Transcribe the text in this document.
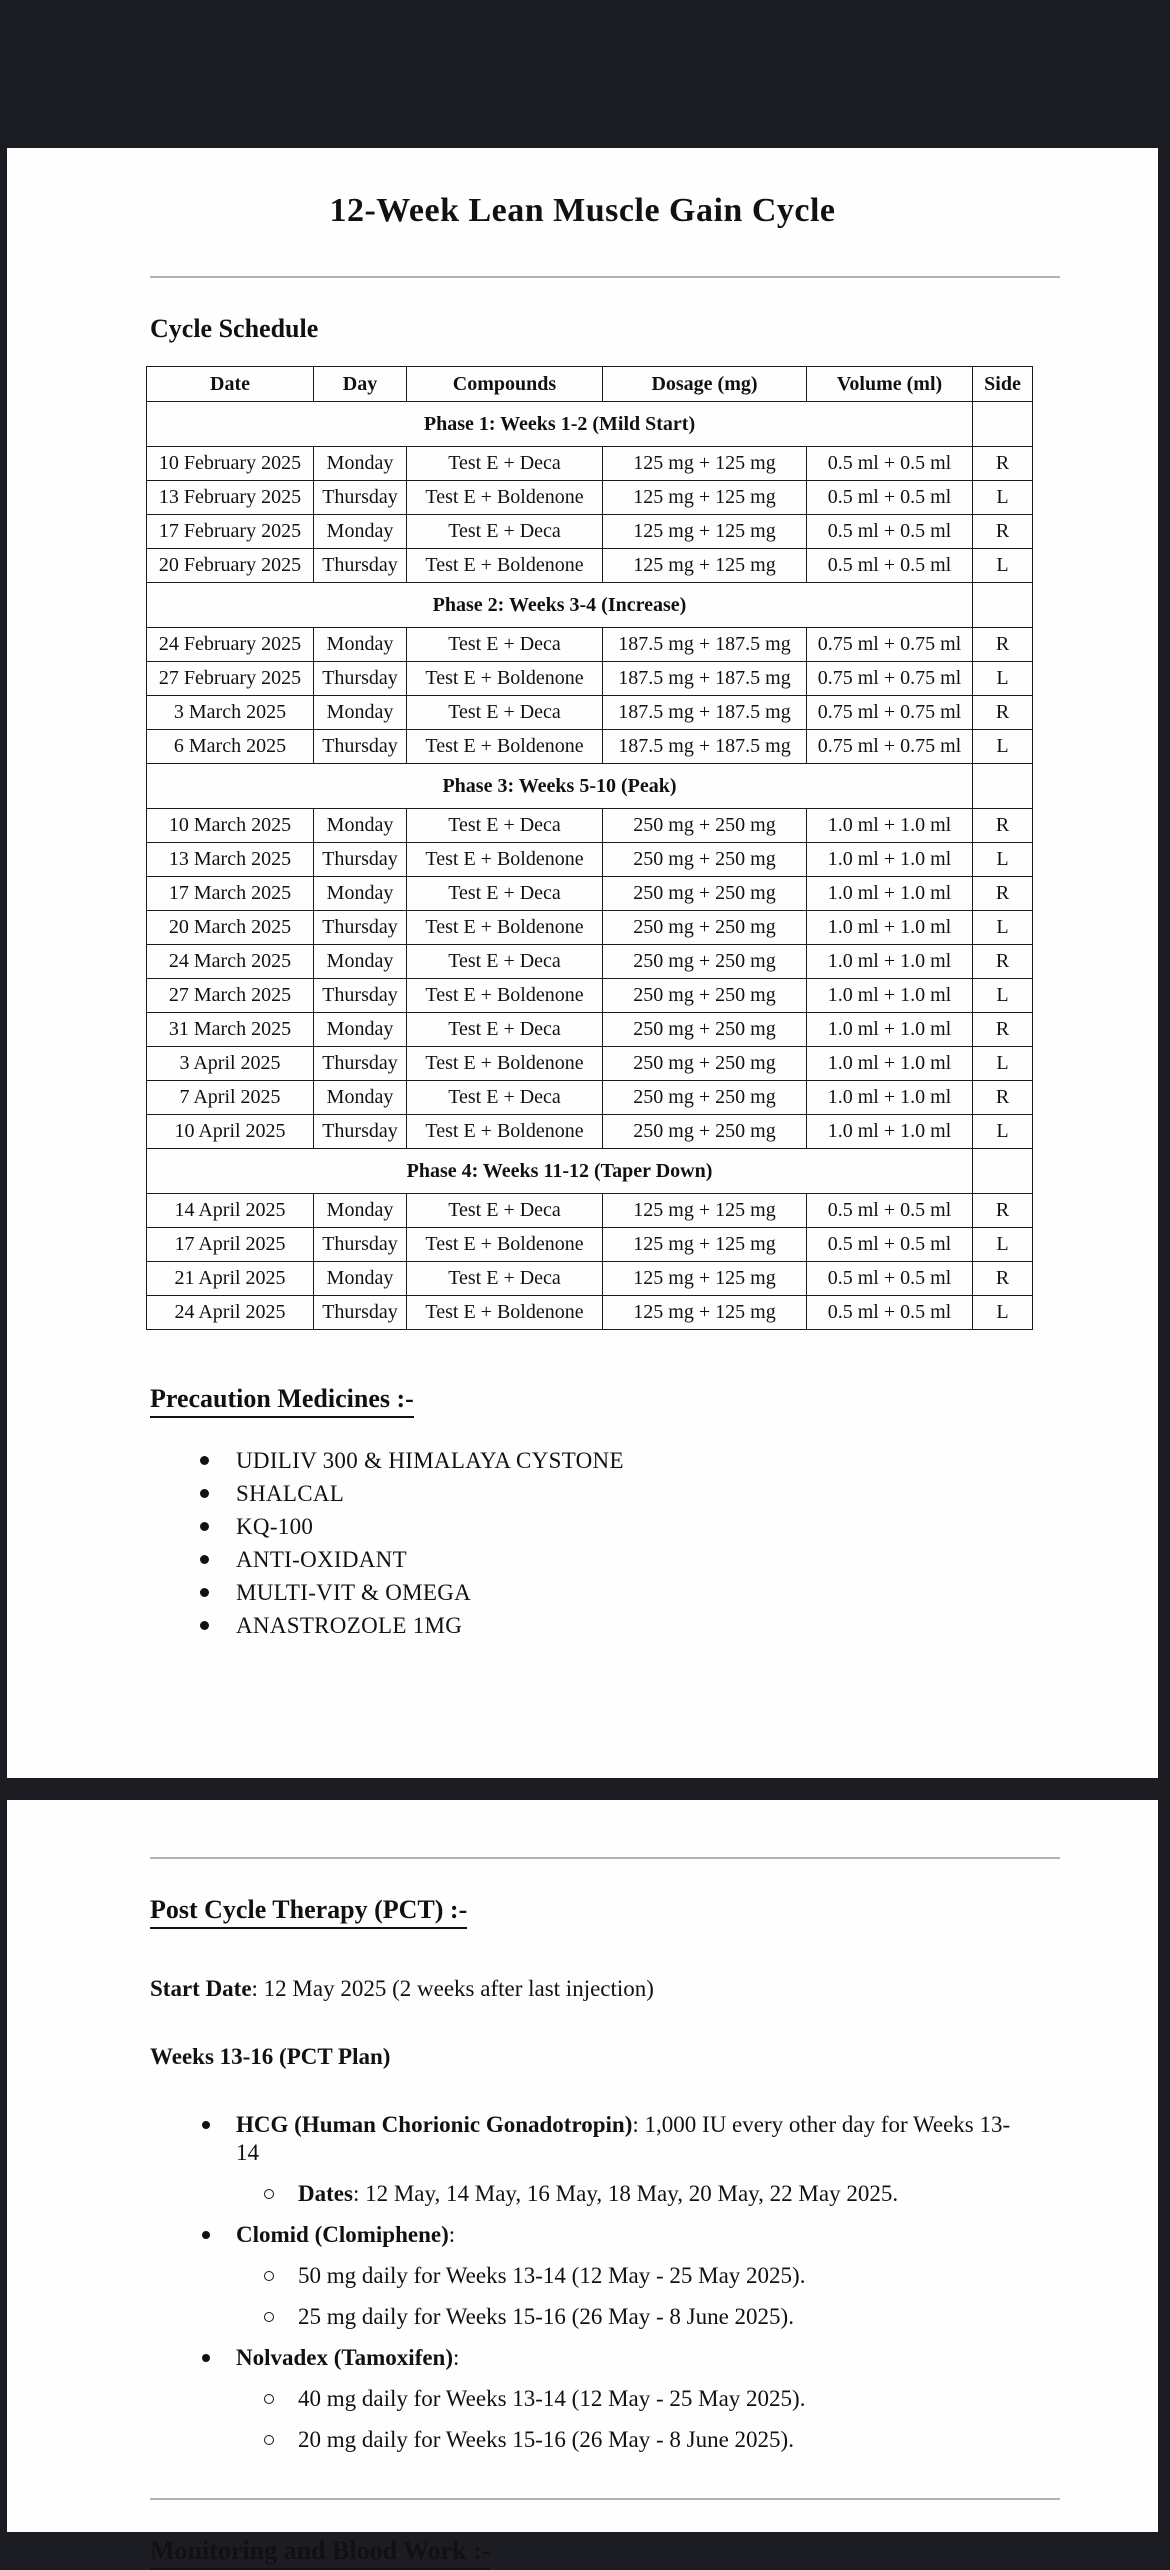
12-Week Lean Muscle Gain Cycle
Cycle Schedule
Date	Day	Compounds	Dosage (mg)	Volume (ml)	Side
Phase 1: Weeks 1-2 (Mild Start)					
10 February 2025	Monday	Test E + Deca	125 mg + 125 mg	0.5 ml + 0.5 ml	R
13 February 2025	Thursday	Test E + Boldenone	125 mg + 125 mg	0.5 ml + 0.5 ml	L
17 February 2025	Monday	Test E + Deca	125 mg + 125 mg	0.5 ml + 0.5 ml	R
20 February 2025	Thursday	Test E + Boldenone	125 mg + 125 mg	0.5 ml + 0.5 ml	L
Phase 2: Weeks 3-4 (Increase)					
24 February 2025	Monday	Test E + Deca	187.5 mg + 187.5 mg	0.75 ml + 0.75 ml	R
27 February 2025	Thursday	Test E + Boldenone	187.5 mg + 187.5 mg	0.75 ml + 0.75 ml	L
3 March 2025	Monday	Test E + Deca	187.5 mg + 187.5 mg	0.75 ml + 0.75 ml	R
6 March 2025	Thursday	Test E + Boldenone	187.5 mg + 187.5 mg	0.75 ml + 0.75 ml	L
Phase 3: Weeks 5-10 (Peak)					
10 March 2025	Monday	Test E + Deca	250 mg + 250 mg	1.0 ml + 1.0 ml	R
13 March 2025	Thursday	Test E + Boldenone	250 mg + 250 mg	1.0 ml + 1.0 ml	L
17 March 2025	Monday	Test E + Deca	250 mg + 250 mg	1.0 ml + 1.0 ml	R
20 March 2025	Thursday	Test E + Boldenone	250 mg + 250 mg	1.0 ml + 1.0 ml	L
24 March 2025	Monday	Test E + Deca	250 mg + 250 mg	1.0 ml + 1.0 ml	R
27 March 2025	Thursday	Test E + Boldenone	250 mg + 250 mg	1.0 ml + 1.0 ml	L
31 March 2025	Monday	Test E + Deca	250 mg + 250 mg	1.0 ml + 1.0 ml	R
3 April 2025	Thursday	Test E + Boldenone	250 mg + 250 mg	1.0 ml + 1.0 ml	L
7 April 2025	Monday	Test E + Deca	250 mg + 250 mg	1.0 ml + 1.0 ml	R
10 April 2025	Thursday	Test E + Boldenone	250 mg + 250 mg	1.0 ml + 1.0 ml	L
Phase 4: Weeks 11-12 (Taper Down)					
14 April 2025	Monday	Test E + Deca	125 mg + 125 mg	0.5 ml + 0.5 ml	R
17 April 2025	Thursday	Test E + Boldenone	125 mg + 125 mg	0.5 ml + 0.5 ml	L
21 April 2025	Monday	Test E + Deca	125 mg + 125 mg	0.5 ml + 0.5 ml	R
24 April 2025	Thursday	Test E + Boldenone	125 mg + 125 mg	0.5 ml + 0.5 ml	L
Precaution Medicines :-
UDILIV 300 & HIMALAYA CYSTONE
SHALCAL
KQ-100
ANTI-OXIDANT
MULTI-VIT & OMEGA
ANASTROZOLE 1MG
Post Cycle Therapy (PCT) :-

Start Date: 12 May 2025 (2 weeks after last injection)

Weeks 13-16 (PCT Plan)

HCG (Human Chorionic Gonadotropin): 1,000 IU every other day for Weeks 13-14
Dates: 12 May, 14 May, 16 May, 18 May, 20 May, 22 May 2025.
Clomid (Clomiphene):
50 mg daily for Weeks 13-14 (12 May - 25 May 2025).
25 mg daily for Weeks 15-16 (26 May - 8 June 2025).
Nolvadex (Tamoxifen):
40 mg daily for Weeks 13-14 (12 May - 25 May 2025).
20 mg daily for Weeks 15-16 (26 May - 8 June 2025).
Monitoring and Blood Work :-
